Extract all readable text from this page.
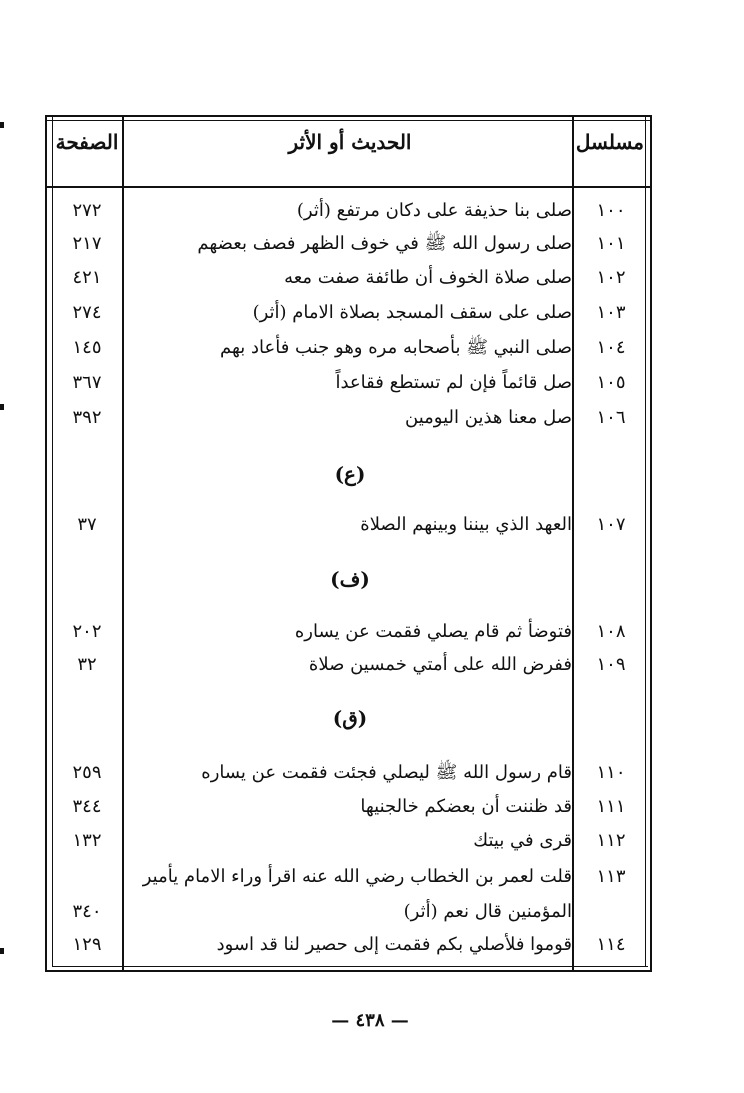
مسلسل
الحديث أو الأثر
الصفحة
١٠٠
صلى بنا حذيفة على دكان مرتفع (أثر)
٢٧٢
١٠١
صلى رسول الله ﷺ في خوف الظهر فصف بعضهم
٢١٧
١٠٢
صلى صلاة الخوف أن طائفة صفت معه
٤٢١
١٠٣
صلى على سقف المسجد بصلاة الامام (أثر)
٢٧٤
١٠٤
صلى النبي ﷺ بأصحابه مره وهو جنب فأعاد بهم
١٤٥
١٠٥
صل قائماً فإن لم تستطع فقاعداً
٣٦٧
١٠٦
صل معنا هذين اليومين
٣٩٢
(ع)
١٠٧
العهد الذي بيننا وبينهم الصلاة
٣٧
(ف)
١٠٨
فتوضأ ثم قام يصلي فقمت عن يساره
٢٠٢
١٠٩
ففرض الله على أمتي خمسين صلاة
٣٢
(ق)
١١٠
قام رسول الله ﷺ ليصلي فجئت فقمت عن يساره
٢٥٩
١١١
قد ظننت أن بعضكم خالجنيها
٣٤٤
١١٢
قرى في بيتك
١٣٢
١١٣
قلت لعمر بن الخطاب رضي الله عنه اقرأ وراء الامام يأمير
المؤمنين قال نعم (أثر)
٣٤٠
١١٤
قوموا فلأصلي بكم فقمت إلى حصير لنا قد اسود
١٢٩
— ٤٣٨ —
